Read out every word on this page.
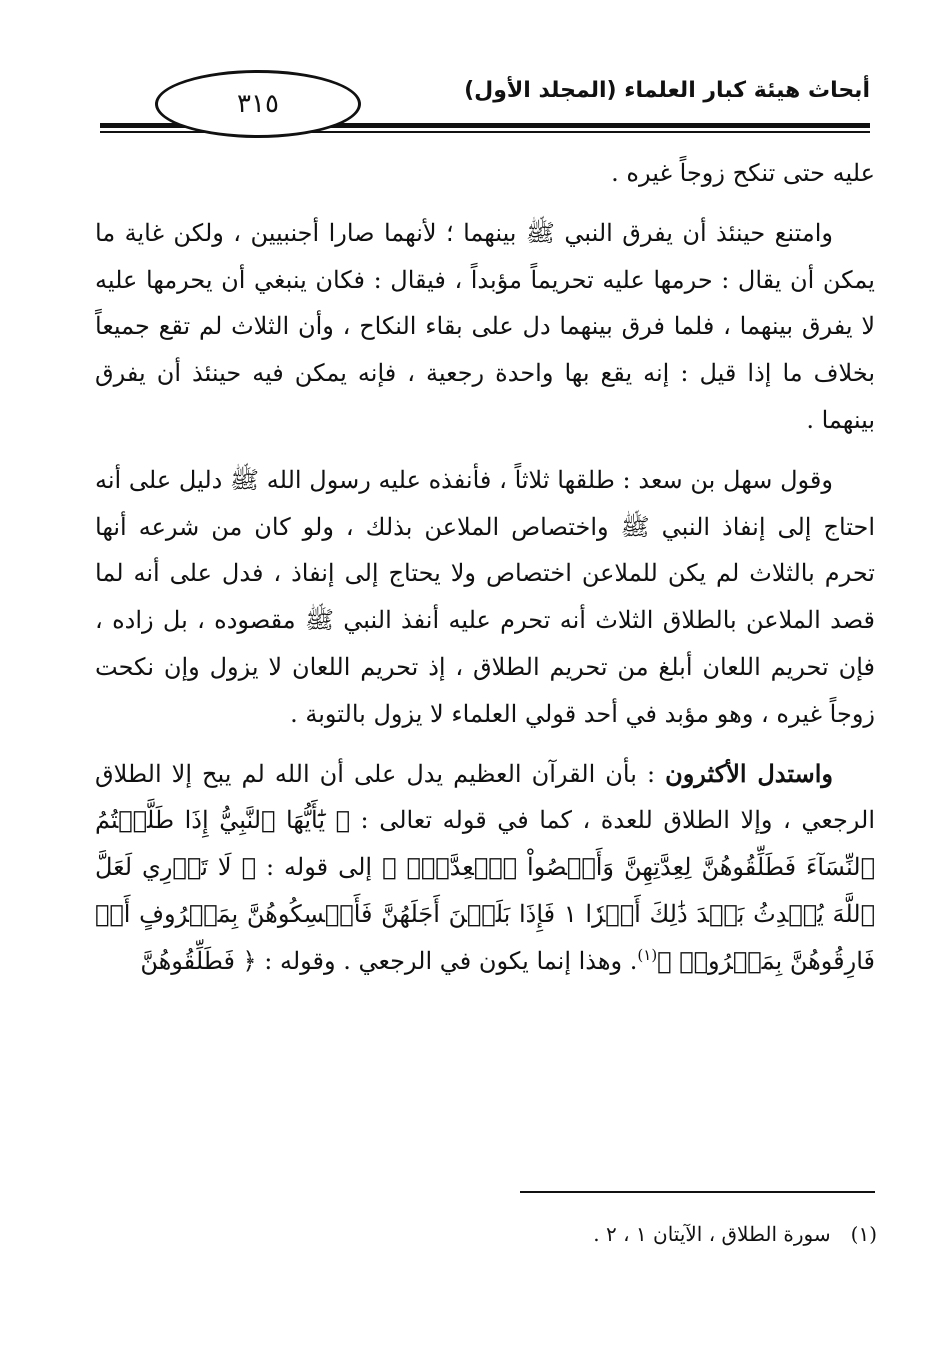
٣١٥	أبحاث هيئة كبار العلماء (المجلد الأول)

عليه حتى تنكح زوجاً غيره .

وامتنع حينئذ أن يفرق النبي ﷺ بينهما ؛ لأنهما صارا أجنبيين ، ولكن غاية ما يمكن أن يقال : حرمها عليه تحريماً مؤبداً ، فيقال : فكان ينبغي أن يحرمها عليه لا يفرق بينهما ، فلما فرق بينهما دل على بقاء النكاح ، وأن الثلاث لم تقع جميعاً بخلاف ما إذا قيل : إنه يقع بها واحدة رجعية ، فإنه يمكن فيه حينئذ أن يفرق بينهما .

وقول سهل بن سعد : طلقها ثلاثاً ، فأنفذه عليه رسول الله ﷺ دليل على أنه احتاج إلى إنفاذ النبي ﷺ واختصاص الملاعن بذلك ، ولو كان من شرعه أنها تحرم بالثلاث لم يكن للملاعن اختصاص ولا يحتاج إلى إنفاذ ، فدل على أنه لما قصد الملاعن بالطلاق الثلاث أنه تحرم عليه أنفذ النبي ﷺ مقصوده ، بل زاده ، فإن تحريم اللعان أبلغ من تحريم الطلاق ، إذ تحريم اللعان لا يزول وإن نكحت زوجاً غيره ، وهو مؤبد في أحد قولي العلماء لا يزول بالتوبة .

واستدل الأكثرون : بأن القرآن العظيم يدل على أن الله لم يبح إلا الطلاق الرجعي ، وإلا الطلاق للعدة ، كما في قوله تعالى : ﴿ يَٰٓأَيُّهَا ٱلنَّبِيُّ إِذَا طَلَّقۡتُمُ ٱلنِّسَآءَ فَطَلِّقُوهُنَّ لِعِدَّتِهِنَّ وَأَحۡصُواْ ٱلۡعِدَّةَۖ ﴾ إلى قوله : ﴿ لَا تَدۡرِي لَعَلَّ ٱللَّهَ يُحۡدِثُ بَعۡدَ ذَٰلِكَ أَمۡرٗا ١ فَإِذَا بَلَغۡنَ أَجَلَهُنَّ فَأَمۡسِكُوهُنَّ بِمَعۡرُوفٍ أَوۡ فَارِقُوهُنَّ بِمَعۡرُوفٖ ﴾$^{(١)}$. وهذا إنما يكون في الرجعي . وقوله : ﴿ فَطَلِّقُوهُنَّ

(١)سورة الطلاق ، الآيتان ١ ، ٢ .
